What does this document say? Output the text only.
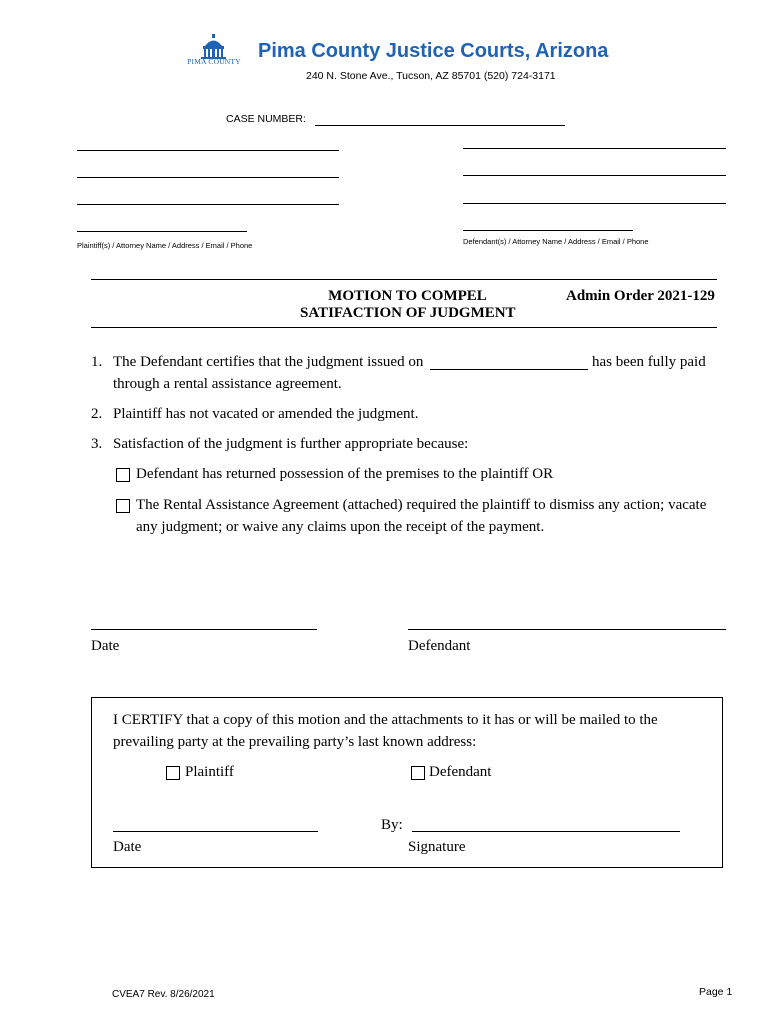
PIMA COUNTY Pima County Justice Courts, Arizona
240 N. Stone Ave., Tucson, AZ 85701 (520) 724-3171
CASE NUMBER:
Plaintiff(s) / Attorney Name / Address / Email / Phone	Defendant(s) / Attorney Name / Address / Email / Phone
MOTION TO COMPEL
SATIFACTION OF JUDGMENT
Admin Order 2021-129
1. The Defendant certifies that the judgment issued on	has been fully paid
through a rental assistance agreement.
2. Plaintiff has not vacated or amended the judgment.
3. Satisfaction of the judgment is further appropriate because:
Defendant has returned possession of the premises to the plaintiff OR
The Rental Assistance Agreement (attached) required the plaintiff to dismiss any action; vacate
any judgment; or waive any claims upon the receipt of the payment.
Date	Defendant
I CERTIFY that a copy of this motion and the attachments to it has or will be mailed to the
prevailing party at the prevailing party’s last known address:
Plaintiff	Defendant
By:
Date	Signature
CVEA7 Rev. 8/26/2021	Page 1
